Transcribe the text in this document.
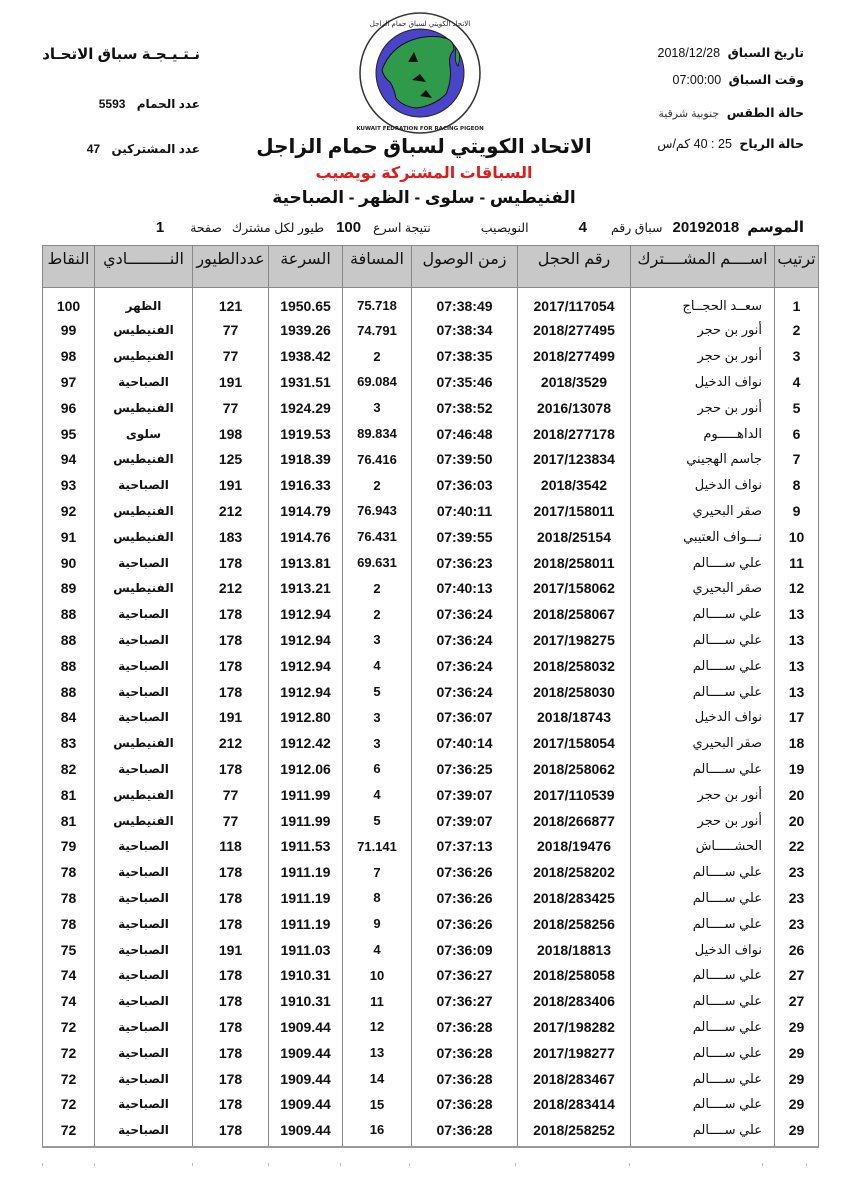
نـتـيـجـة سباق الاتحـاد
عدد الحمام 5593
عدد المشتركين 47
الاتحاد الكويتي لسباق حمام الزاجل
KUWAIT FEDRATION FOR RACING PIGEON
تاريخ السباق 2018/12/28
وقت السباق 07:00:00
حالة الطقس جنوبية شرقية
حالة الرياح 25 : 40 كم/س
الاتحاد الكويتي لسباق حمام الزاجل
السباقات المشتركة نويصيب
الفنيطيس - سلوى - الظهر - الصباحية
الموسم
20192018
سباق رقم
4
النويصيب
نتيجة اسرع
100
طيور لكل مشترك
صفحة
1
ترتيب	اســــم المشــــترك	رقم الحجل	زمن الوصول	المسافة	السرعة	عددالطيور	النـــــــــادي	النقاط
1	سعــد الحجــاج	2017/117054	07:38:49	75.718	1950.65	121	الظهر	100
2	أنور بن حجر	2018/277495	07:38:34	74.791	1939.26	77	الفنيطيس	99
3	أنور بن حجر	2018/277499	07:38:35	2	1938.42	77	الفنيطيس	98
4	نواف الدخيل	2018/3529	07:35:46	69.084	1931.51	191	الصباحية	97
5	أنور بن حجر	2016/13078	07:38:52	3	1924.29	77	الفنيطيس	96
6	الداهـــــوم	2018/277178	07:46:48	89.834	1919.53	198	سلوى	95
7	جاسم الهجيني	2017/123834	07:39:50	76.416	1918.39	125	الفنيطيس	94
8	نواف الدخيل	2018/3542	07:36:03	2	1916.33	191	الصباحية	93
9	صقر البحيري	2017/158011	07:40:11	76.943	1914.79	212	الفنيطيس	92
10	نـــواف العتيبي	2018/25154	07:39:55	76.431	1914.76	183	الفنيطيس	91
11	علي ســــالم	2018/258011	07:36:23	69.631	1913.81	178	الصباحية	90
12	صقر البحيري	2017/158062	07:40:13	2	1913.21	212	الفنيطيس	89
13	علي ســــالم	2018/258067	07:36:24	2	1912.94	178	الصباحية	88
13	علي ســــالم	2017/198275	07:36:24	3	1912.94	178	الصباحية	88
13	علي ســــالم	2018/258032	07:36:24	4	1912.94	178	الصباحية	88
13	علي ســــالم	2018/258030	07:36:24	5	1912.94	178	الصباحية	88
17	نواف الدخيل	2018/18743	07:36:07	3	1912.80	191	الصباحية	84
18	صقر البحيري	2017/158054	07:40:14	3	1912.42	212	الفنيطيس	83
19	علي ســــالم	2018/258062	07:36:25	6	1912.06	178	الصباحية	82
20	أنور بن حجر	2017/110539	07:39:07	4	1911.99	77	الفنيطيس	81
20	أنور بن حجر	2018/266877	07:39:07	5	1911.99	77	الفنيطيس	81
22	الحشـــــاش	2018/19476	07:37:13	71.141	1911.53	118	الصباحية	79
23	علي ســــالم	2018/258202	07:36:26	7	1911.19	178	الصباحية	78
23	علي ســــالم	2018/283425	07:36:26	8	1911.19	178	الصباحية	78
23	علي ســــالم	2018/258256	07:36:26	9	1911.19	178	الصباحية	78
26	نواف الدخيل	2018/18813	07:36:09	4	1911.03	191	الصباحية	75
27	علي ســــالم	2018/258058	07:36:27	10	1910.31	178	الصباحية	74
27	علي ســــالم	2018/283406	07:36:27	11	1910.31	178	الصباحية	74
29	علي ســــالم	2017/198282	07:36:28	12	1909.44	178	الصباحية	72
29	علي ســــالم	2017/198277	07:36:28	13	1909.44	178	الصباحية	72
29	علي ســــالم	2018/283467	07:36:28	14	1909.44	178	الصباحية	72
29	علي ســــالم	2018/283414	07:36:28	15	1909.44	178	الصباحية	72
29	علي ســــالم	2018/258252	07:36:28	16	1909.44	178	الصباحية	72
